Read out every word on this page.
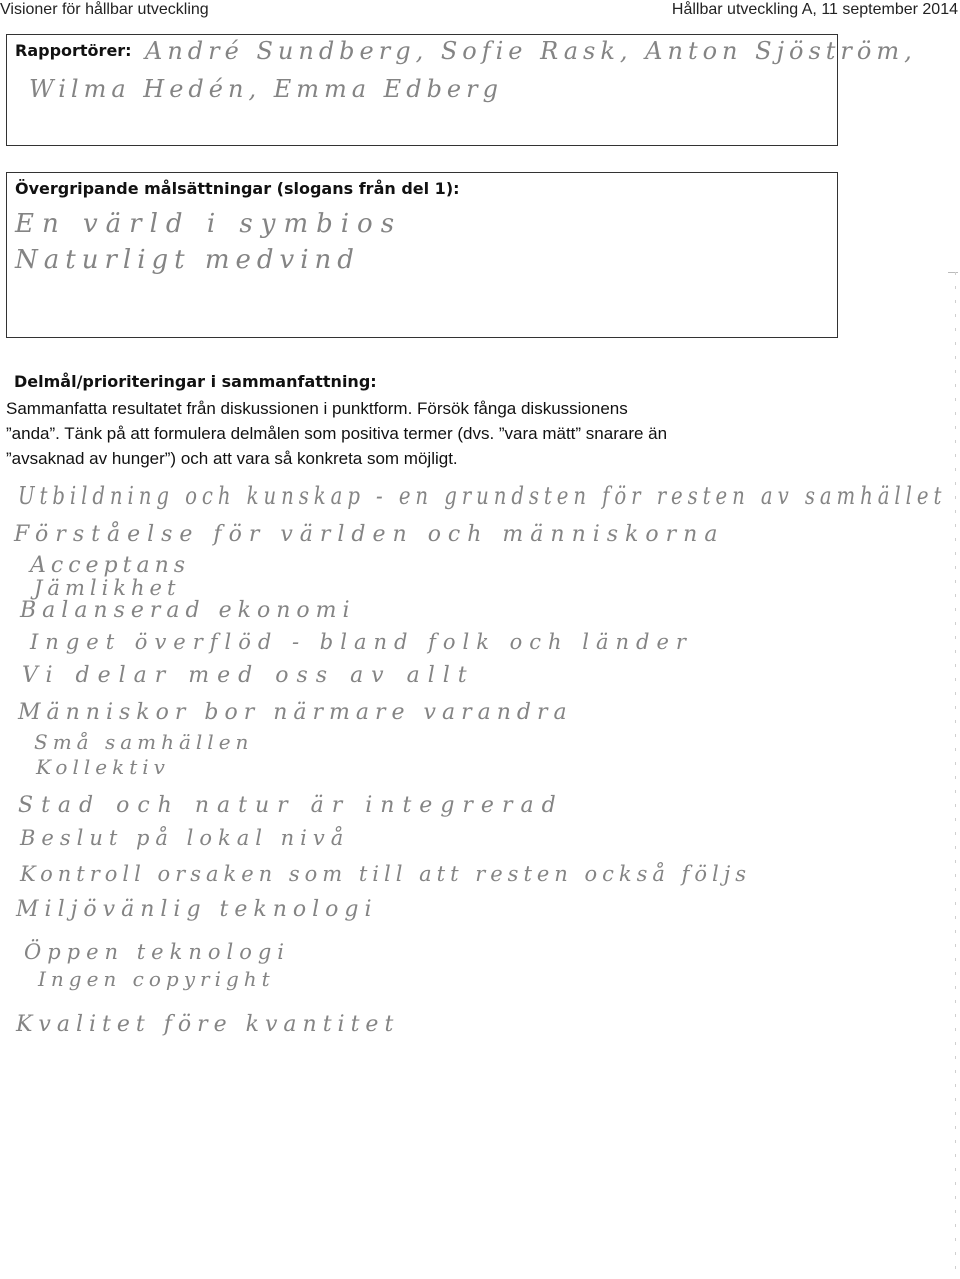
Visioner för hållbar utveckling	Hållbar utveckling A, 11 september 2014
Rapportörer: André Sundberg, Sofie Rask, Anton Sjöström,
Wilma Hedén, Emma Edberg
Övergripande målsättningar (slogans från del 1):
En värld i symbios
Naturligt medvind
Delmål/prioriteringar i sammanfattning:
Sammanfatta resultatet från diskussionen i punktform. Försök fånga diskussionens
”anda”. Tänk på att formulera delmålen som positiva termer (dvs. ”vara mätt” snarare än
”avsaknad av hunger”) och att vara så konkreta som möjligt.
Utbildning och kunskap - en grundsten för resten av samhället
Förståelse för världen och människorna
Acceptans
Jämlikhet
Balanserad ekonomi
Inget överflöd - bland folk och länder
Vi delar med oss av allt
Människor bor närmare varandra
Små samhällen
Kollektiv
Stad och natur är integrerad
Beslut på lokal nivå
Kontroll orsaken som till att resten också följs
Miljövänlig teknologi
Öppen teknologi
Ingen copyright
Kvalitet före kvantitet
